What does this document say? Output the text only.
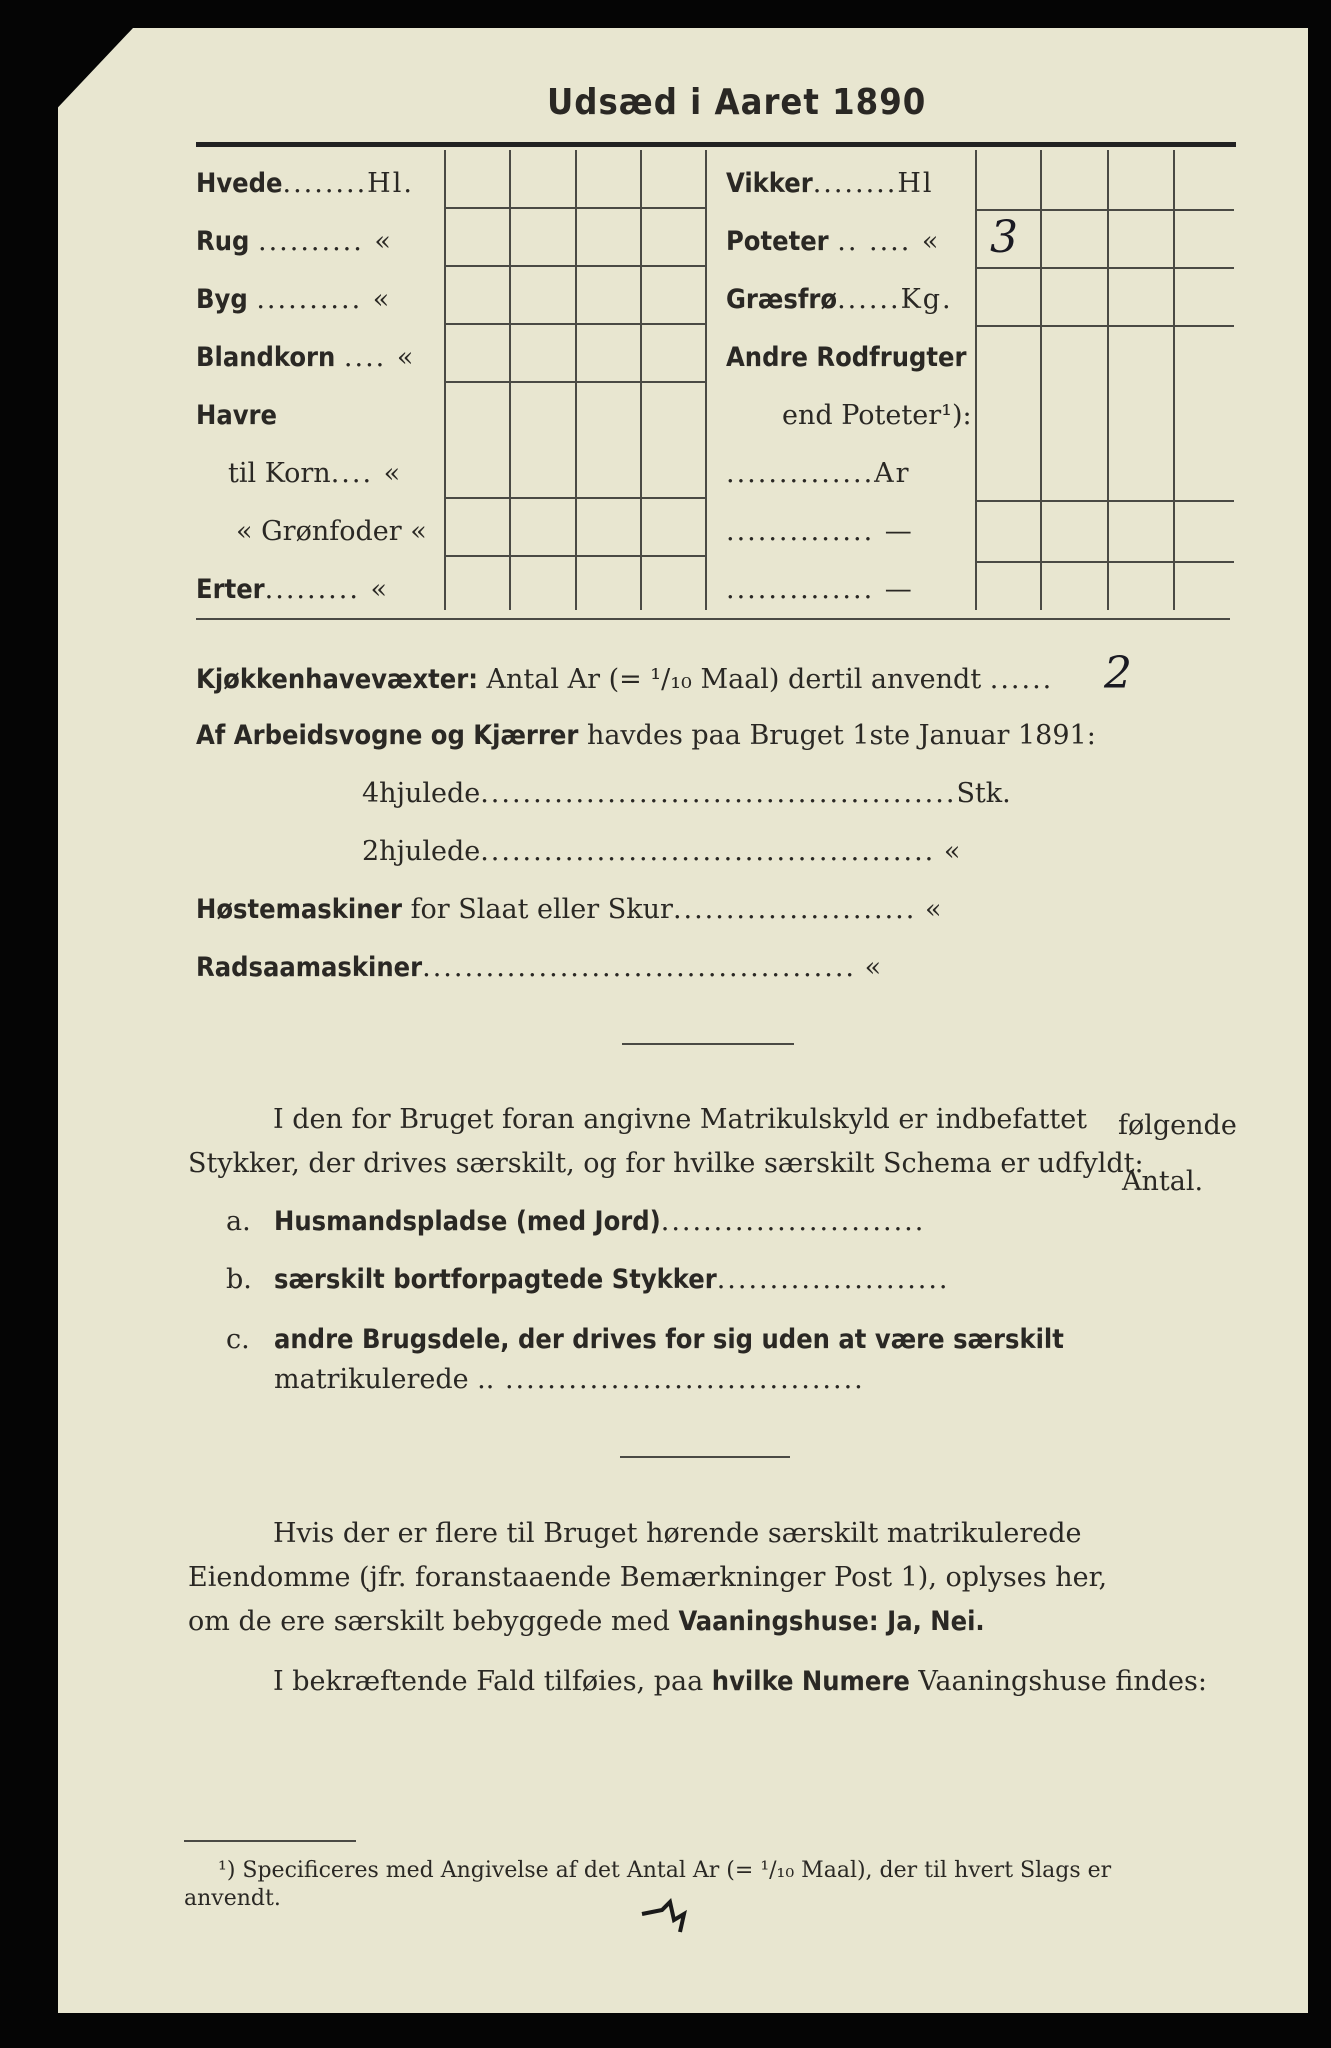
Udsæd i Aaret 1890
Hvede........Hl.
Rug .......... «
Byg .......... «
Blandkorn .... «
Havre
til Korn.... «
« Grønfoder «
Erter......... «
Vikker........Hl
Poteter .. .... « 3
Græsfrø......Kg.
Andre Rodfrugter
end Poteter¹):
..............Ar
.............. —
.............. —
Kjøkkenhavevæxter: Antal Ar (= ¹/₁₀ Maal) dertil anvendt ...... 2
Af Arbeidsvogne og Kjærrer havdes paa Bruget 1ste Januar 1891:
4hjulede.............................................Stk.
2hjulede........................................... «
Høstemaskiner for Slaat eller Skur....................... «
Radsaamaskiner......................................... «
I den for Bruget foran angivne Matrikulskyld er indbefattet følgende
Stykker, der drives særskilt, og for hvilke særskilt Schema er udfyldt:
Antal.
a. Husmandspladse (med Jord).........................
b. særskilt bortforpagtede Stykker......................
c. andre Brugsdele, der drives for sig uden at være særskilt
matrikulerede .. ..................................
Hvis der er flere til Bruget hørende særskilt matrikulerede
Eiendomme (jfr. foranstaaende Bemærkninger Post 1), oplyses her,
om de ere særskilt bebyggede med Vaaningshuse: Ja, Nei.
I bekræftende Fald tilføies, paa hvilke Numere Vaaningshuse findes:
¹) Specificeres med Angivelse af det Antal Ar (= ¹/₁₀ Maal), der til hvert Slags er
anvendt.
